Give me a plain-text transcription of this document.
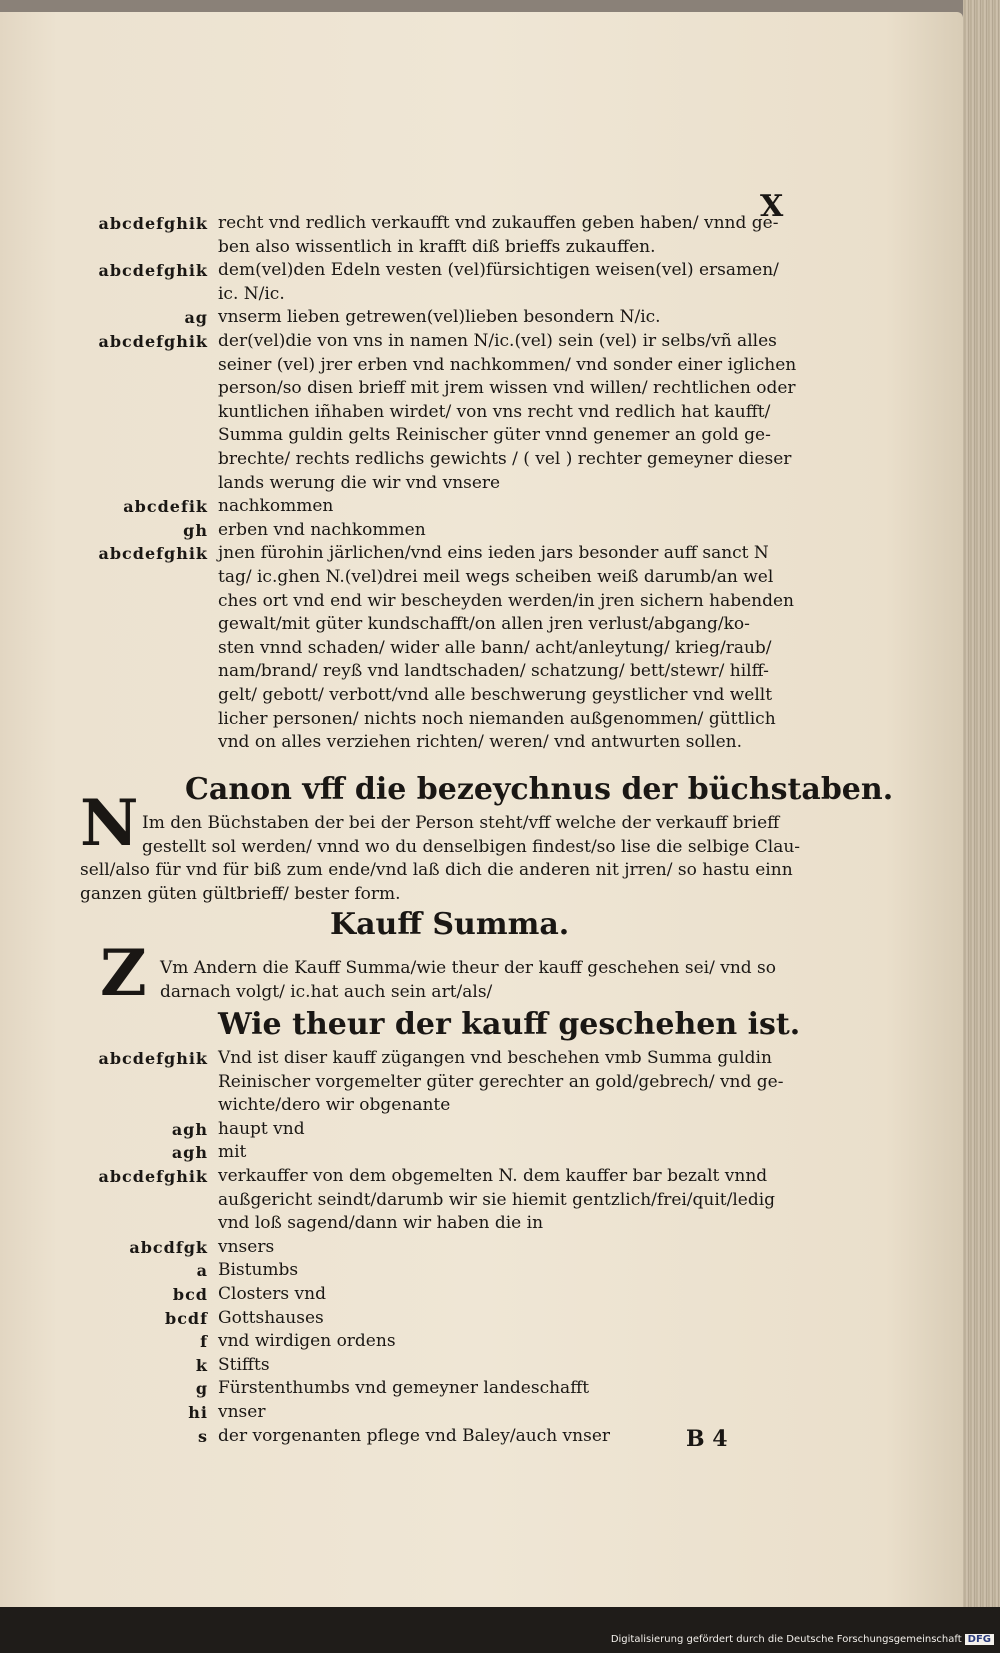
X
abcdefghik recht vnd redlich verkaufft vnd zukauffen geben haben/ vnnd ge-
ben also wissentlich in krafft diß brieffs zukauffen.
abcdefghik dem(vel)den Edeln vesten (vel)fürsichtigen weisen(vel) ersamen/
ic. N/ic.
ag vnserm lieben getrewen(vel)lieben besondern N/ic.
abcdefghik der(vel)die von vns in namen N/ic.(vel) sein (vel) ir selbs/vñ alles
seiner (vel) jrer erben vnd nachkommen/ vnd sonder einer iglichen
person/so disen brieff mit jrem wissen vnd willen/ rechtlichen oder
kuntlichen iñhaben wirdet/ von vns recht vnd redlich hat kaufft/
Summa guldin gelts Reinischer güter vnnd genemer an gold ge-
brechte/ rechts redlichs gewichts / ( vel ) rechter gemeyner dieser
lands werung die wir vnd vnsere
abcdefik nachkommen
gh erben vnd nachkommen
abcdefghik jnen fürohin järlichen/vnd eins ieden jars besonder auff sanct N
tag/ ic.ghen N.(vel)drei meil wegs scheiben weiß darumb/an wel
ches ort vnd end wir bescheyden werden/in jren sichern habenden
gewalt/mit güter kundschafft/on allen jren verlust/abgang/ko-
sten vnnd schaden/ wider alle bann/ acht/anleytung/ krieg/raub/
nam/brand/ reyß vnd landtschaden/ schatzung/ bett/stewr/ hilff-
gelt/ gebott/ verbott/vnd alle beschwerung geystlicher vnd wellt
licher personen/ nichts noch niemanden außgenommen/ güttlich
vnd on alles verziehen richten/ weren/ vnd antwurten sollen.
Canon vff die bezeychnus der büchstaben.
N Im den Büchstaben der bei der Person steht/vff welche der verkauff brieff
gestellt sol werden/ vnnd wo du denselbigen findest/so lise die selbige Clau-
sell/also für vnd für biß zum ende/vnd laß dich die anderen nit jrren/ so hastu einn
ganzen güten gültbrieff/ bester form.
Kauff Summa.
Z Vm Andern die Kauff Summa/wie theur der kauff geschehen sei/ vnd so
darnach volgt/ ic.hat auch sein art/als/
Wie theur der kauff geschehen ist.
abcdefghik Vnd ist diser kauff zügangen vnd beschehen vmb Summa guldin
Reinischer vorgemelter güter gerechter an gold/gebrech/ vnd ge-
wichte/dero wir obgenante
agh haupt vnd
agh mit
abcdefghik verkauffer von dem obgemelten N. dem kauffer bar bezalt vnnd
außgericht seindt/darumb wir sie hiemit gentzlich/frei/quit/ledig
vnd loß sagend/dann wir haben die in
abcdfgk vnsers
a Bistumbs
bcd Closters vnd
bcdf Gottshauses
f vnd wirdigen ordens
k Stiffts
g Fürstenthumbs vnd gemeyner landeschafft
hi vnser
s der vorgenanten pflege vnd Baley/auch vnser	B 4
Digitalisierung gefördert durch die Deutsche Forschungsgemeinschaft DFG
